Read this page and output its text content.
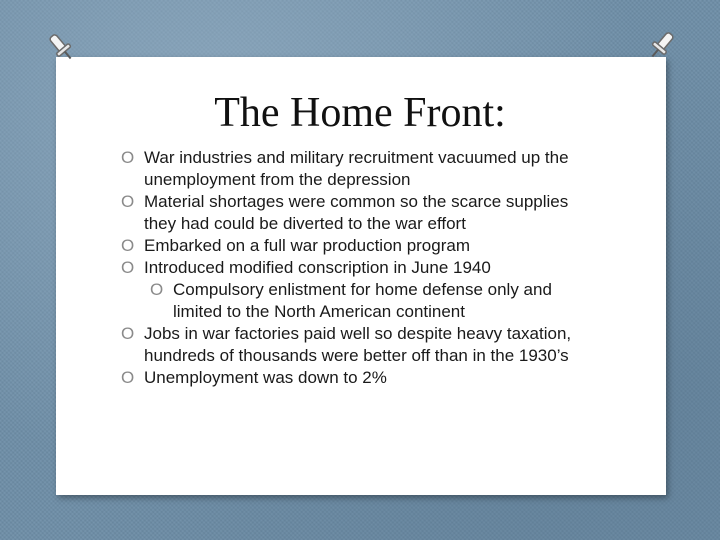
The Home Front:
O War industries and military recruitment vacuumed up the unemployment from the depression
O Material shortages were common so the scarce supplies they had could be diverted to the war effort
O Embarked on a full war production program
O Introduced modified conscription in June 1940
O Compulsory enlistment for home defense only and limited to the North American continent
O Jobs in war factories paid well so despite heavy taxation, hundreds of thousands were better off than in the 1930’s
O Unemployment was down to 2%
